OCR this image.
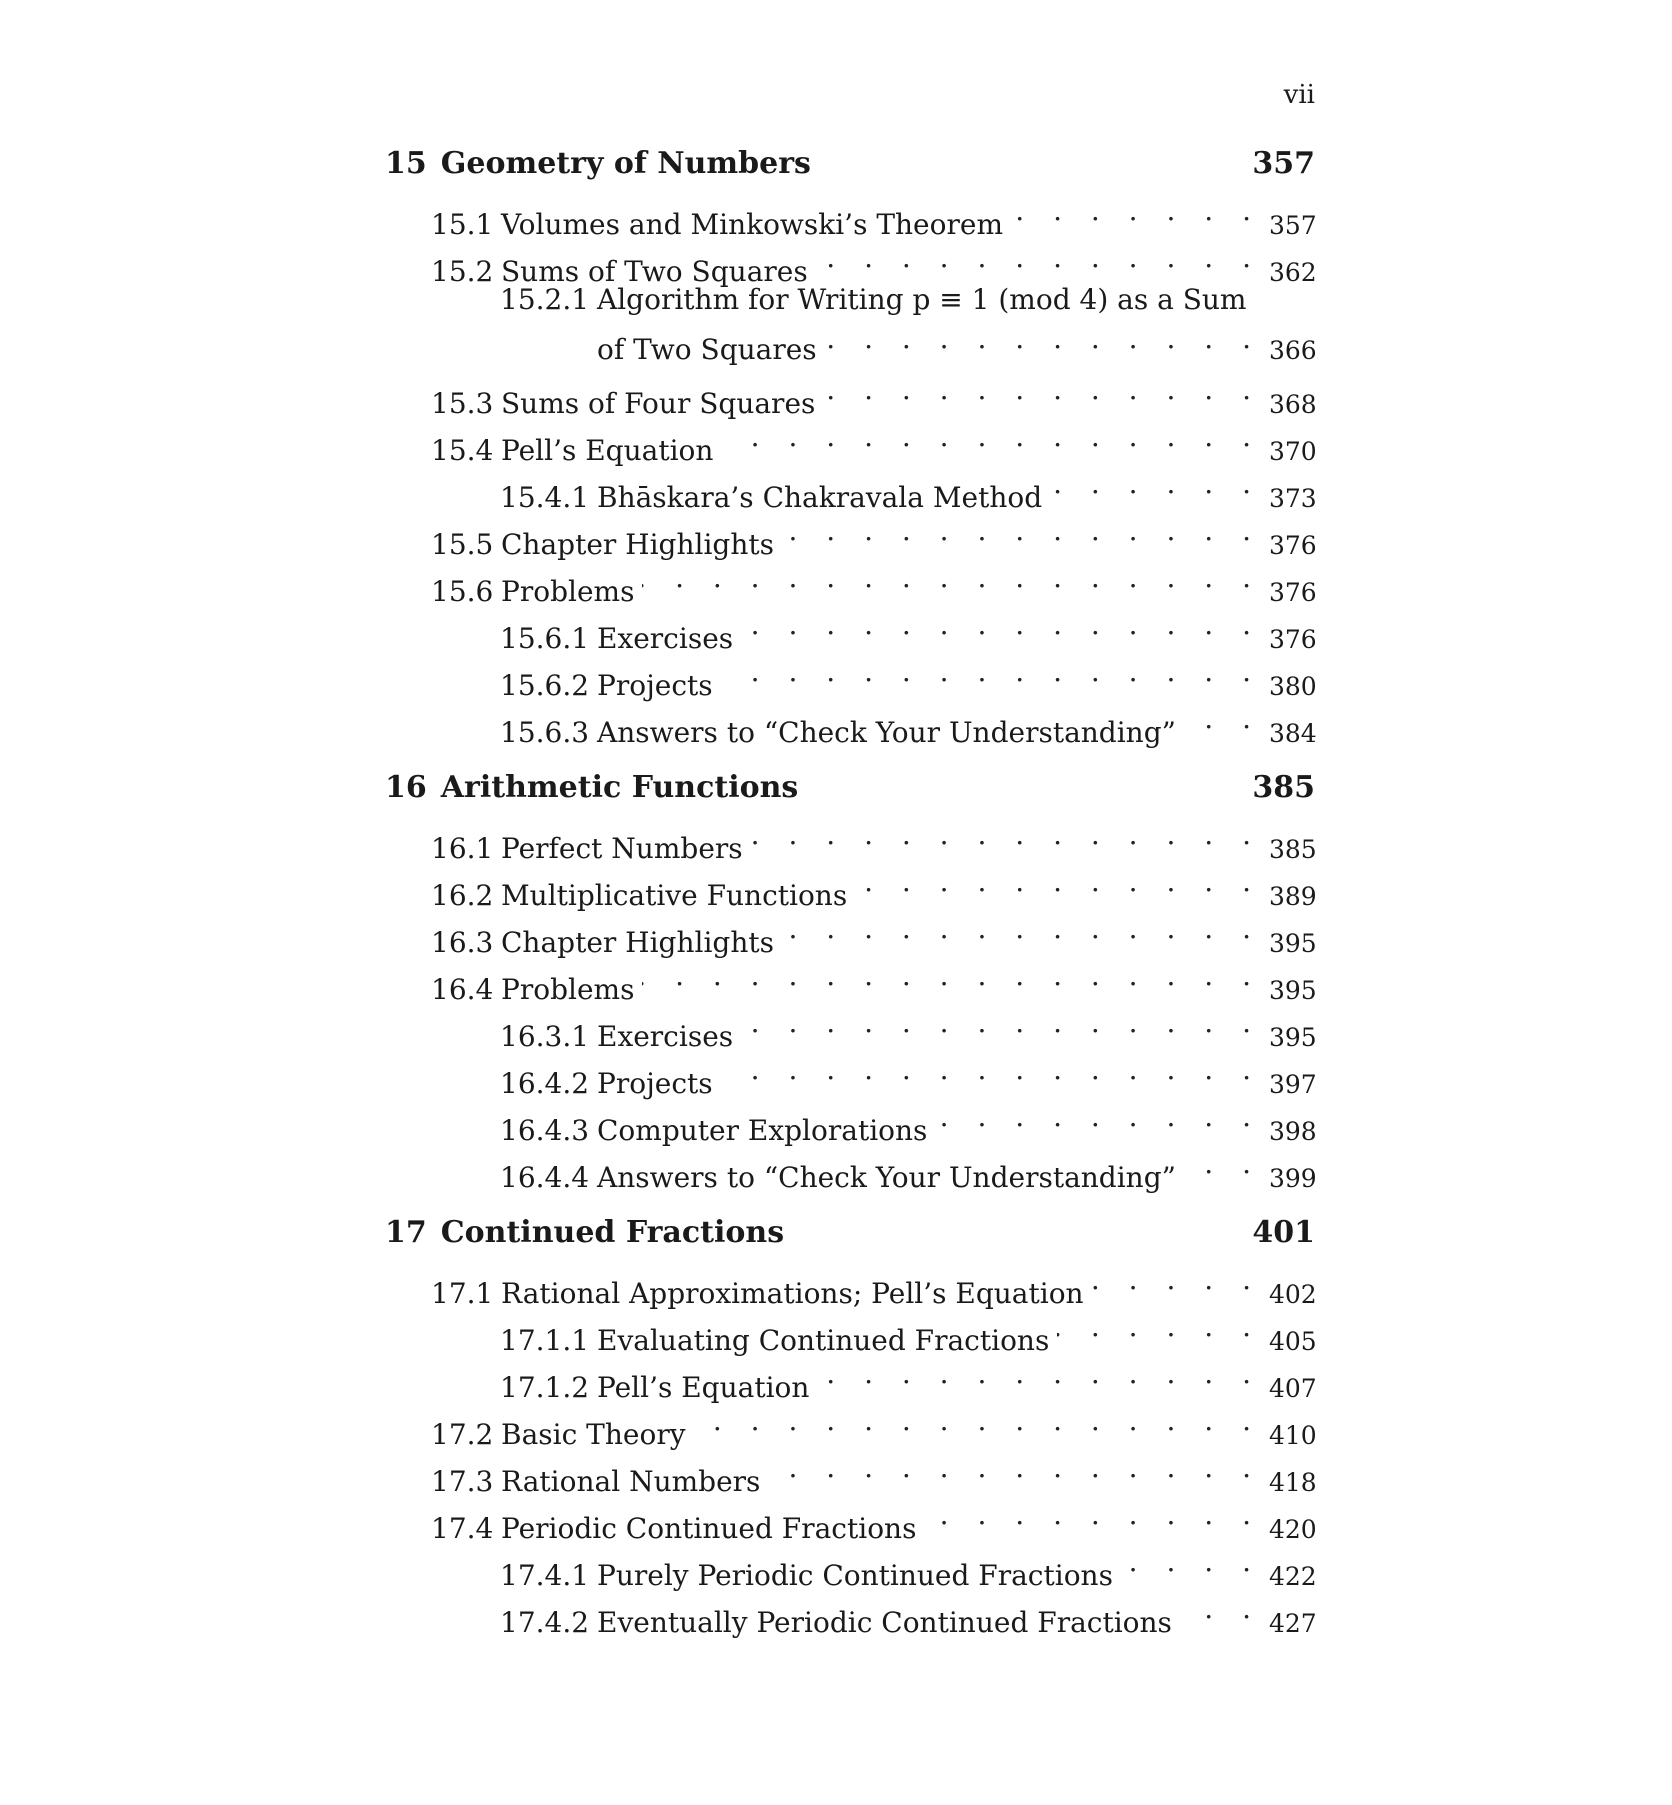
vii
15 Geometry of Numbers	357
15.1 Volumes and Minkowski’s Theorem . . .	357
15.2 Sums of Two Squares . . .	362
15.2.1 Algorithm for Writing p ≡ 1 (mod 4) as a Sum
of Two Squares . . .	366
15.3 Sums of Four Squares . . .	368
15.4 Pell’s Equation . . .	370
15.4.1 Bhāskara’s Chakravala Method . . .	373
15.5 Chapter Highlights . . .	376
15.6 Problems . . .	376
15.6.1 Exercises . . .	376
15.6.2 Projects . . .	380
15.6.3 Answers to “Check Your Understanding” . . .	384
16 Arithmetic Functions	385
16.1 Perfect Numbers . . .	385
16.2 Multiplicative Functions . . .	389
16.3 Chapter Highlights . . .	395
16.4 Problems . . .	395
16.3.1 Exercises . . .	395
16.4.2 Projects . . .	397
16.4.3 Computer Explorations . . .	398
16.4.4 Answers to “Check Your Understanding” . . .	399
17 Continued Fractions	401
17.1 Rational Approximations; Pell’s Equation . . .	402
17.1.1 Evaluating Continued Fractions . . .	405
17.1.2 Pell’s Equation . . .	407
17.2 Basic Theory . . .	410
17.3 Rational Numbers . . .	418
17.4 Periodic Continued Fractions . . .	420
17.4.1 Purely Periodic Continued Fractions . . .	422
17.4.2 Eventually Periodic Continued Fractions . . .	427
